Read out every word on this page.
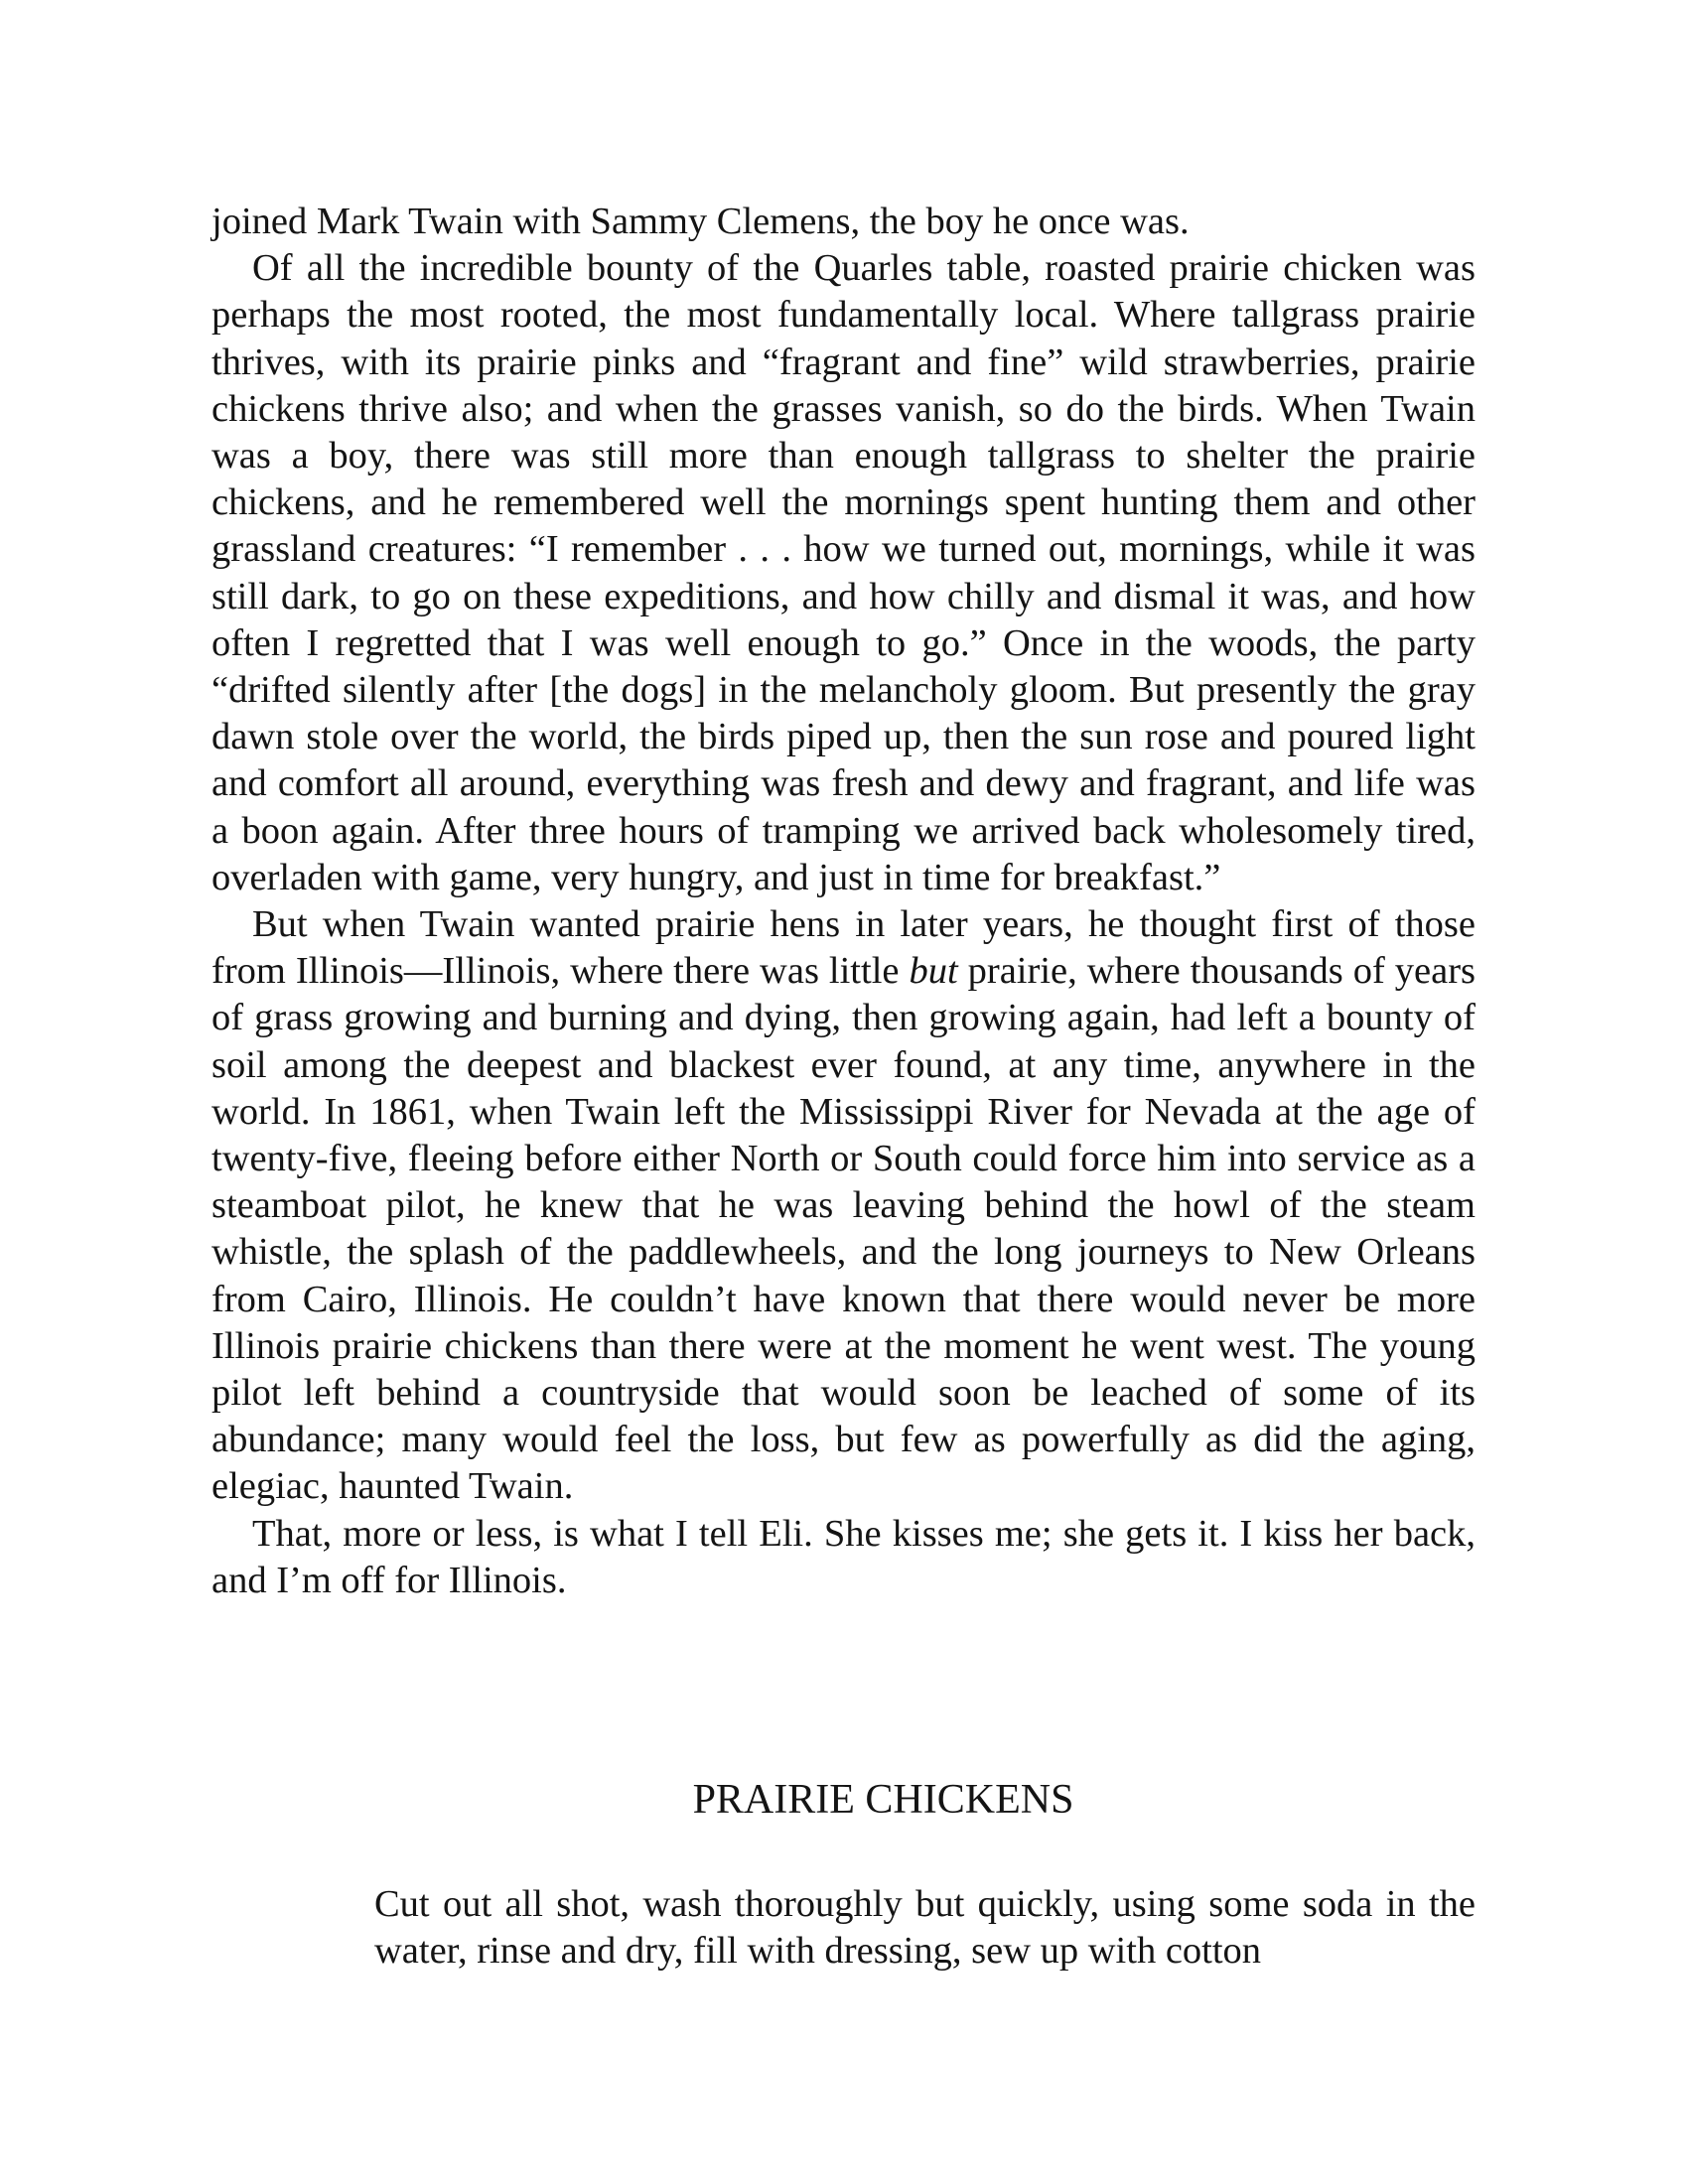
joined Mark Twain with Sammy Clemens, the boy he once was.

Of all the incredible bounty of the Quarles table, roasted prairie chicken was perhaps the most rooted, the most fundamentally local. Where tallgrass prairie thrives, with its prairie pinks and “fragrant and fine” wild strawberries, prairie chickens thrive also; and when the grasses vanish, so do the birds. When Twain was a boy, there was still more than enough tallgrass to shelter the prairie chickens, and he remembered well the mornings spent hunting them and other grassland creatures: “I remember . . . how we turned out, mornings, while it was still dark, to go on these expeditions, and how chilly and dismal it was, and how often I regretted that I was well enough to go.” Once in the woods, the party “drifted silently after [the dogs] in the melancholy gloom. But presently the gray dawn stole over the world, the birds piped up, then the sun rose and poured light and comfort all around, everything was fresh and dewy and fragrant, and life was a boon again. After three hours of tramping we arrived back wholesomely tired, overladen with game, very hungry, and just in time for breakfast.”

But when Twain wanted prairie hens in later years, he thought first of those from Illinois—Illinois, where there was little but prairie, where thousands of years of grass growing and burning and dying, then growing again, had left a bounty of soil among the deepest and blackest ever found, at any time, anywhere in the world. In 1861, when Twain left the Mississippi River for Nevada at the age of twenty-five, fleeing before either North or South could force him into service as a steamboat pilot, he knew that he was leaving behind the howl of the steam whistle, the splash of the paddlewheels, and the long journeys to New Orleans from Cairo, Illinois. He couldn’t have known that there would never be more Illinois prairie chickens than there were at the moment he went west. The young pilot left behind a countryside that would soon be leached of some of its abundance; many would feel the loss, but few as powerfully as did the aging, elegiac, haunted Twain.

That, more or less, is what I tell Eli. She kisses me; she gets it. I kiss her back, and I’m off for Illinois.

PRAIRIE CHICKENS

Cut out all shot, wash thoroughly but quickly, using some soda in the water, rinse and dry, fill with dressing, sew up with cotton
